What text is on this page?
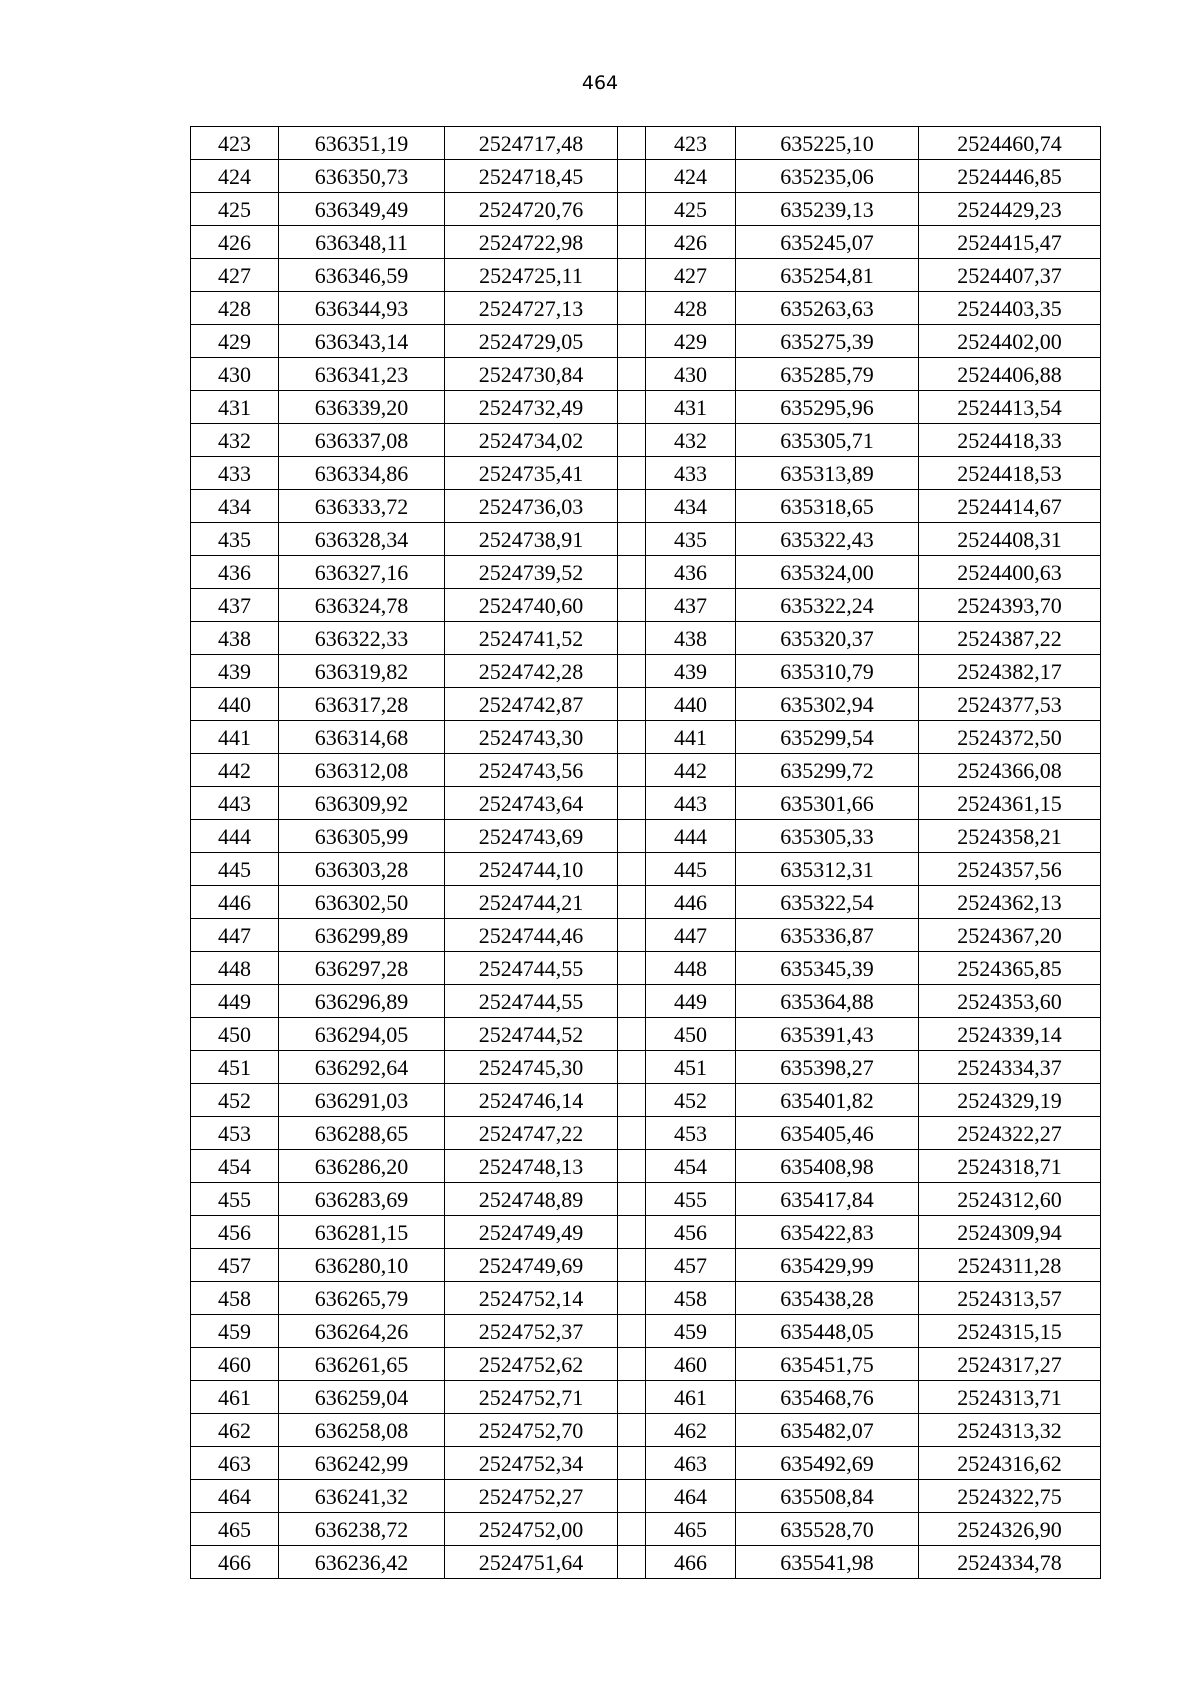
464
423	636351,19	2524717,48		423	635225,10	2524460,74
424	636350,73	2524718,45		424	635235,06	2524446,85
425	636349,49	2524720,76		425	635239,13	2524429,23
426	636348,11	2524722,98		426	635245,07	2524415,47
427	636346,59	2524725,11		427	635254,81	2524407,37
428	636344,93	2524727,13		428	635263,63	2524403,35
429	636343,14	2524729,05		429	635275,39	2524402,00
430	636341,23	2524730,84		430	635285,79	2524406,88
431	636339,20	2524732,49		431	635295,96	2524413,54
432	636337,08	2524734,02		432	635305,71	2524418,33
433	636334,86	2524735,41		433	635313,89	2524418,53
434	636333,72	2524736,03		434	635318,65	2524414,67
435	636328,34	2524738,91		435	635322,43	2524408,31
436	636327,16	2524739,52		436	635324,00	2524400,63
437	636324,78	2524740,60		437	635322,24	2524393,70
438	636322,33	2524741,52		438	635320,37	2524387,22
439	636319,82	2524742,28		439	635310,79	2524382,17
440	636317,28	2524742,87		440	635302,94	2524377,53
441	636314,68	2524743,30		441	635299,54	2524372,50
442	636312,08	2524743,56		442	635299,72	2524366,08
443	636309,92	2524743,64		443	635301,66	2524361,15
444	636305,99	2524743,69		444	635305,33	2524358,21
445	636303,28	2524744,10		445	635312,31	2524357,56
446	636302,50	2524744,21		446	635322,54	2524362,13
447	636299,89	2524744,46		447	635336,87	2524367,20
448	636297,28	2524744,55		448	635345,39	2524365,85
449	636296,89	2524744,55		449	635364,88	2524353,60
450	636294,05	2524744,52		450	635391,43	2524339,14
451	636292,64	2524745,30		451	635398,27	2524334,37
452	636291,03	2524746,14		452	635401,82	2524329,19
453	636288,65	2524747,22		453	635405,46	2524322,27
454	636286,20	2524748,13		454	635408,98	2524318,71
455	636283,69	2524748,89		455	635417,84	2524312,60
456	636281,15	2524749,49		456	635422,83	2524309,94
457	636280,10	2524749,69		457	635429,99	2524311,28
458	636265,79	2524752,14		458	635438,28	2524313,57
459	636264,26	2524752,37		459	635448,05	2524315,15
460	636261,65	2524752,62		460	635451,75	2524317,27
461	636259,04	2524752,71		461	635468,76	2524313,71
462	636258,08	2524752,70		462	635482,07	2524313,32
463	636242,99	2524752,34		463	635492,69	2524316,62
464	636241,32	2524752,27		464	635508,84	2524322,75
465	636238,72	2524752,00		465	635528,70	2524326,90
466	636236,42	2524751,64		466	635541,98	2524334,78
